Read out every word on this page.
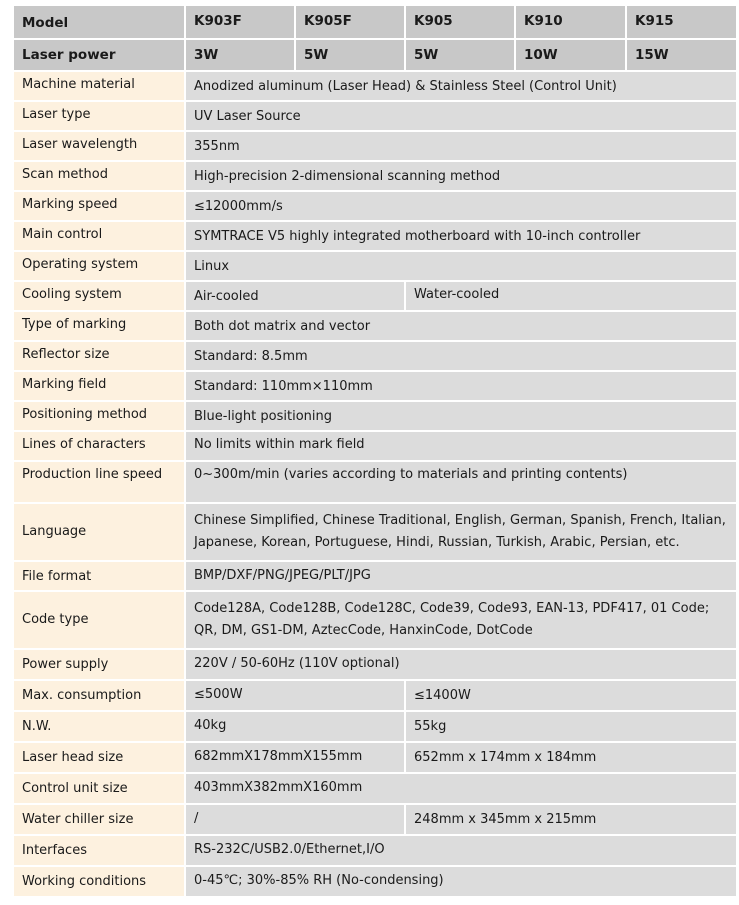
Model	K903F	K905F	K905	K910	K915
Laser power	3W	5W	5W	10W	15W
Machine material	Anodized aluminum (Laser Head) & Stainless Steel (Control Unit)				
Laser type	UV Laser Source				
Laser wavelength	355nm				
Scan method	High-precision 2-dimensional scanning method				
Marking speed	≤12000mm/s				
Main control	SYMTRACE V5 highly integrated motherboard with 10-inch controller				
Operating system	Linux				
Cooling system	Air-cooled		Water-cooled		
Type of marking	Both dot matrix and vector				
Reflector size	Standard: 8.5mm				
Marking field	Standard: 110mm×110mm				
Positioning method	Blue-light positioning				
Lines of characters	No limits within mark field				
Production line speed	0~300m/min (varies according to materials and printing contents)				
Language	Chinese Simplified, Chinese Traditional, English, German, Spanish, French, Italian,
Japanese, Korean, Portuguese, Hindi, Russian, Turkish, Arabic, Persian, etc.				

File format	BMP/DXF/PNG/JPEG/PLT/JPG				
Code type	Code128A, Code128B, Code128C, Code39, Code93, EAN-13, PDF417, 01 Code;
QR, DM, GS1-DM, AztecCode, HanxinCode, DotCode				

Power supply	220V / 50-60Hz (110V optional)				
Max. consumption	≤500W		≤1400W		
N.W.	40kg		55kg		
Laser head size	682mmX178mmX155mm		652mm x 174mm x 184mm		
Control unit size	403mmX382mmX160mm				
Water chiller size	/		248mm x 345mm x 215mm		
Interfaces	RS-232C/USB2.0/Ethernet,I/O				
Working conditions	0-45℃; 30%-85% RH (No-condensing)				
